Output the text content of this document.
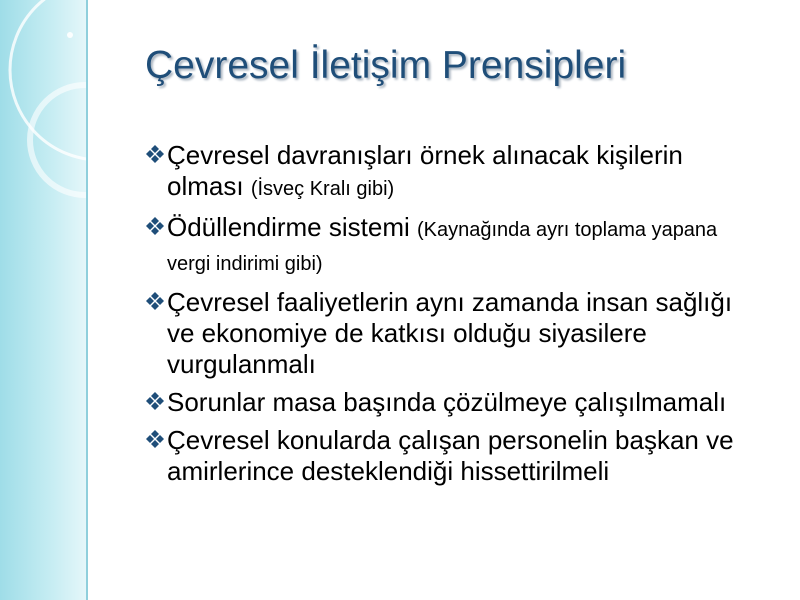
Çevresel İletişim Prensipleri
Çevresel davranışları örnek alınacak kişilerin olması (İsveç Kralı gibi)
Ödüllendirme sistemi (Kaynağında ayrı toplama yapana vergi indirimi gibi)
Çevresel faaliyetlerin aynı zamanda insan sağlığı ve ekonomiye de katkısı olduğu siyasilere vurgulanmalı
Sorunlar masa başında çözülmeye çalışılmamalı
Çevresel konularda çalışan personelin başkan ve amirlerince desteklendiği hissettirilmeli
